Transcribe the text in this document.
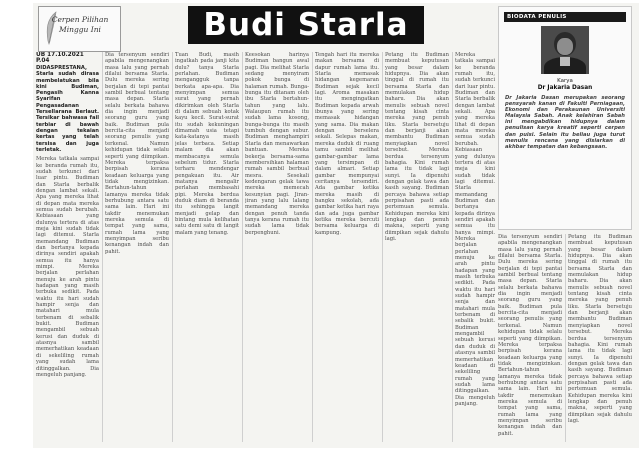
Cerpen Pilihan Minggu Ini	Budi Starla
UB 17.10.2021 P.04
DIDASPRESTANA, Starla sudah dirasa membelatukan bila kini Budiman, Pengasih Kanna Syarifan Pengasadanan Tersellarana Berlaut. Tersikar bahwasa fail terbiar di bawah dengan tekaian kertas yang telah tersisa dan juga terletak.
Mereka tatkala sampai ke beranda rumah itu, sudah terkunci dari luar pintu. Budiman dan Starla berbalik dengan lambat sekali. Apa yang mereka lihat di depan mata mereka semua sudah berubah. Kebiasaan yang dulunya tertera di atas meja kini sudah tidak lagi ditemui. Starla memandang Budiman dan bertanya kepada dirinya sendiri apakah semua itu hanya mimpi. Mereka berjalan perlahan menuju ke arah pintu hadapan yang masih terbuka sedikit. Pada waktu itu hari sudah hampir senja dan matahari mula terbenam di sebalik bukit. Budiman mengambil sebuah kerusi dan duduk di atasnya sambil memerhatikan keadaan di sekeliling rumah yang sudah lama ditinggalkan. Dia mengeluh panjang.
Dia tersenyum sendiri apabila mengenangkan masa lalu yang pernah dilalui bersama Starla. Dulu mereka sering berjalan di tepi pantai sambil berbual tentang masa depan. Starla selalu berkata bahawa dia ingin menjadi seorang guru yang baik. Budiman pula bercita-cita menjadi seorang penulis yang terkenal. Namun kehidupan tidak selalu seperti yang diimpikan. Mereka terpaksa berpisah kerana keadaan keluarga yang tidak mengizinkan. Bertahun-tahun lamanya mereka tidak berhubung antara satu sama lain. Hari ini takdir menemukan mereka semula di tempat yang sama, rumah lama yang menyimpan seribu kenangan indah dan pahit.
Tuan Budi, masih ingatkah pada janji kita dulu? tanya Starla perlahan. Budiman mengangguk tanpa berkata apa-apa. Dia menyimpan semua surat yang pernah dikirimkan oleh Starla di dalam sebuah kotak kayu kecil. Surat-surat itu sudah kekuningan dimamah usia tetapi kata-katanya masih jelas terbaca. Setiap malam dia akan membacanya semula sebelum tidur. Starla terharu mendengar pengakuan itu. Air matanya mengalir perlahan membasahi pipi. Mereka berdua duduk diam di beranda itu sehingga langit menjadi gelap dan bintang mula kelihatan satu demi satu di langit malam yang tenang.
Keesokan harinya Budiman bangun awal pagi. Dia melihat Starla sedang menyiram pokok bunga di halaman rumah. Bunga-bunga itu ditanam oleh ibu Starla bertahun-tahun yang lalu. Walaupun rumah itu sudah lama kosong, bunga-bunga itu masih tumbuh dengan subur. Budiman menghampiri Starla dan menawarkan bantuan. Mereka bekerja bersama-sama membersihkan halaman rumah sambil berbual mesra. Sesekali kedengaran gelak tawa mereka memecah kesunyian pagi. Jiran-jiran yang lalu lalang memandang mereka dengan penuh tanda tanya kerana rumah itu sudah lama tidak berpenghuni.
Tengah hari itu mereka makan bersama di dapur rumah lama itu. Starla memasak hidangan kegemaran Budiman sejak kecil lagi. Aroma masakan itu mengingatkan Budiman kepada arwah ibunya yang sering memasak hidangan yang sama. Dia makan dengan berselera sekali. Selepas makan, mereka duduk di ruang tamu sambil melihat gambar-gambar lama yang tersimpan di dalam almari. Setiap gambar mempunyai ceritanya tersendiri. Ada gambar ketika mereka masih di bangku sekolah, ada gambar ketika hari raya dan ada juga gambar ketika mereka bercuti bersama keluarga di kampung.
Petang itu Budiman membuat keputusan yang besar dalam hidupnya. Dia akan tinggal di rumah itu bersama Starla dan memulakan hidup baharu. Dia akan menulis sebuah novel tentang kisah cinta mereka yang penuh liku. Starla bersetuju dan berjanji akan membantu Budiman menyiapkan novel tersebut. Mereka berdua tersenyum bahagia. Kini rumah lama itu tidak lagi sunyi. Ia dipenuhi dengan gelak tawa dan kasih sayang. Budiman percaya bahawa setiap perpisahan pasti ada pertemuan semula. Kehidupan mereka kini lengkap dan penuh makna, seperti yang diimpikan sejak dahulu lagi.
Mereka tatkala sampai ke beranda rumah itu, sudah terkunci dari luar pintu. Budiman dan Starla berbalik dengan lambat sekali. Apa yang mereka lihat di depan mata mereka semua sudah berubah. Kebiasaan yang dulunya tertera di atas meja kini sudah tidak lagi ditemui. Starla memandang Budiman dan bertanya kepada dirinya sendiri apakah semua itu hanya mimpi. Mereka berjalan perlahan menuju ke arah pintu hadapan yang masih terbuka sedikit. Pada waktu itu hari sudah hampir senja dan matahari mula terbenam di sebalik bukit. Budiman mengambil sebuah kerusi dan duduk di atasnya sambil memerhatikan keadaan di sekeliling rumah yang sudah lama ditinggalkan. Dia mengeluh panjang.
Dia tersenyum sendiri apabila mengenangkan masa lalu yang pernah dilalui bersama Starla. Dulu mereka sering berjalan di tepi pantai sambil berbual tentang masa depan. Starla selalu berkata bahawa dia ingin menjadi seorang guru yang baik. Budiman pula bercita-cita menjadi seorang penulis yang terkenal. Namun kehidupan tidak selalu seperti yang diimpikan. Mereka terpaksa berpisah kerana keadaan keluarga yang tidak mengizinkan. Bertahun-tahun lamanya mereka tidak berhubung antara satu sama lain. Hari ini takdir menemukan mereka semula di tempat yang sama, rumah lama yang menyimpan seribu kenangan indah dan pahit.
Petang itu Budiman membuat keputusan yang besar dalam hidupnya. Dia akan tinggal di rumah itu bersama Starla dan memulakan hidup baharu. Dia akan menulis sebuah novel tentang kisah cinta mereka yang penuh liku. Starla bersetuju dan berjanji akan membantu Budiman menyiapkan novel tersebut. Mereka berdua tersenyum bahagia. Kini rumah lama itu tidak lagi sunyi. Ia dipenuhi dengan gelak tawa dan kasih sayang. Budiman percaya bahawa setiap perpisahan pasti ada pertemuan semula. Kehidupan mereka kini lengkap dan penuh makna, seperti yang diimpikan sejak dahulu lagi.
BIODATA PENULIS
Karya
Dr Jakaria Dasan
Dr Jakaria Dasan merupakan seorang pensyarah kanan di Fakulti Perniagaan, Ekonomi dan Perakaunan Universiti Malaysia Sabah. Anak kelahiran Sabah ini mengabdikan hidupnya dalam penulisan karya kreatif seperti cerpen dan puisi. Selain itu beliau juga turut menulis rencana yang disiarkan di akhbar tempatan dan kebangsaan.
